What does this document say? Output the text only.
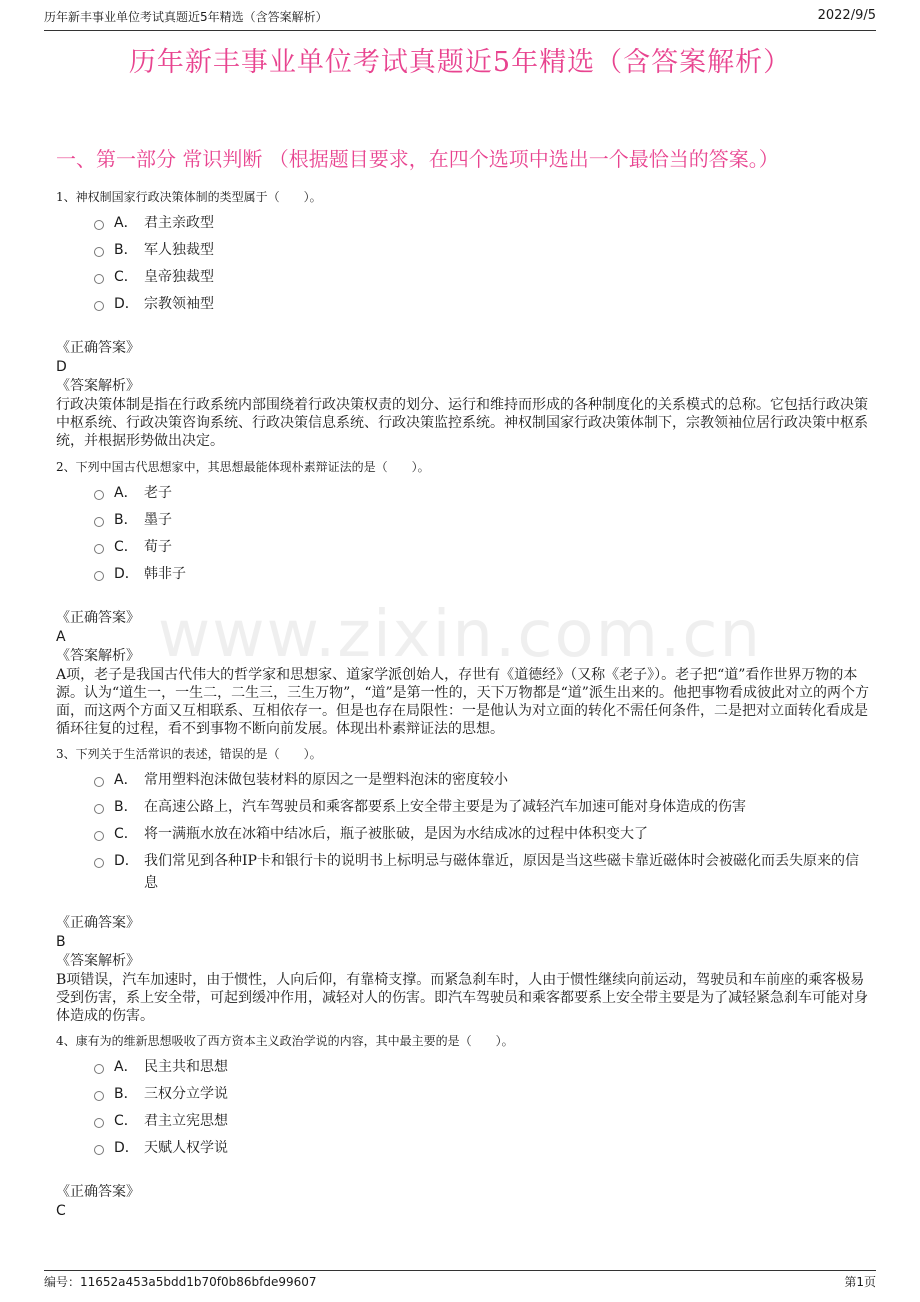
历年新丰事业单位考试真题近5年精选（含答案解析）	2022/9/5
历年新丰事业单位考试真题近5年精选（含答案解析）
www.zixin.com.cn
一、第一部分 常识判断 （根据题目要求，在四个选项中选出一个最恰当的答案。）
1、神权制国家行政决策体制的类型属于（　　）。
A． 君主亲政型
B． 军人独裁型
C． 皇帝独裁型
D． 宗教领袖型
《正确答案》
D
《答案解析》
行政决策体制是指在行政系统内部围绕着行政决策权责的划分、运行和维持而形成的各种制度化的关系模式的总称。它包括行政决策中枢系统、行政决策咨询系统、行政决策信息系统、行政决策监控系统。神权制国家行政决策体制下，宗教领袖位居行政决策中枢系统，并根据形势做出决定。
2、下列中国古代思想家中，其思想最能体现朴素辩证法的是（　　）。
A． 老子
B． 墨子
C． 荀子
D． 韩非子
《正确答案》
A
《答案解析》
A项，老子是我国古代伟大的哲学家和思想家、道家学派创始人，存世有《道德经》（又称《老子》）。老子把“道”看作世界万物的本源。认为“道生一，一生二，二生三，三生万物”，“道”是第一性的，天下万物都是“道”派生出来的。他把事物看成彼此对立的两个方面，而这两个方面又互相联系、互相依存一。但是也存在局限性：一是他认为对立面的转化不需任何条件，二是把对立面转化看成是循环往复的过程，看不到事物不断向前发展。体现出朴素辩证法的思想。
3、下列关于生活常识的表述，错误的是（　　）。
A． 常用塑料泡沫做包装材料的原因之一是塑料泡沫的密度较小
B． 在高速公路上，汽车驾驶员和乘客都要系上安全带主要是为了减轻汽车加速可能对身体造成的伤害
C． 将一满瓶水放在冰箱中结冰后，瓶子被胀破，是因为水结成冰的过程中体积变大了
D． 我们常见到各种IP卡和银行卡的说明书上标明忌与磁体靠近，原因是当这些磁卡靠近磁体时会被磁化而丢失原来的信息
《正确答案》
B
《答案解析》
B项错误，汽车加速时，由于惯性，人向后仰，有靠椅支撑。而紧急刹车时，人由于惯性继续向前运动，驾驶员和车前座的乘客极易受到伤害，系上安全带，可起到缓冲作用，减轻对人的伤害。即汽车驾驶员和乘客都要系上安全带主要是为了减轻紧急刹车可能对身体造成的伤害。
4、康有为的维新思想吸收了西方资本主义政治学说的内容，其中最主要的是（　　）。
A． 民主共和思想
B． 三权分立学说
C． 君主立宪思想
D． 天赋人权学说
《正确答案》
C
编号：11652a453a5bdd1b70f0b86bfde99607	第1页
